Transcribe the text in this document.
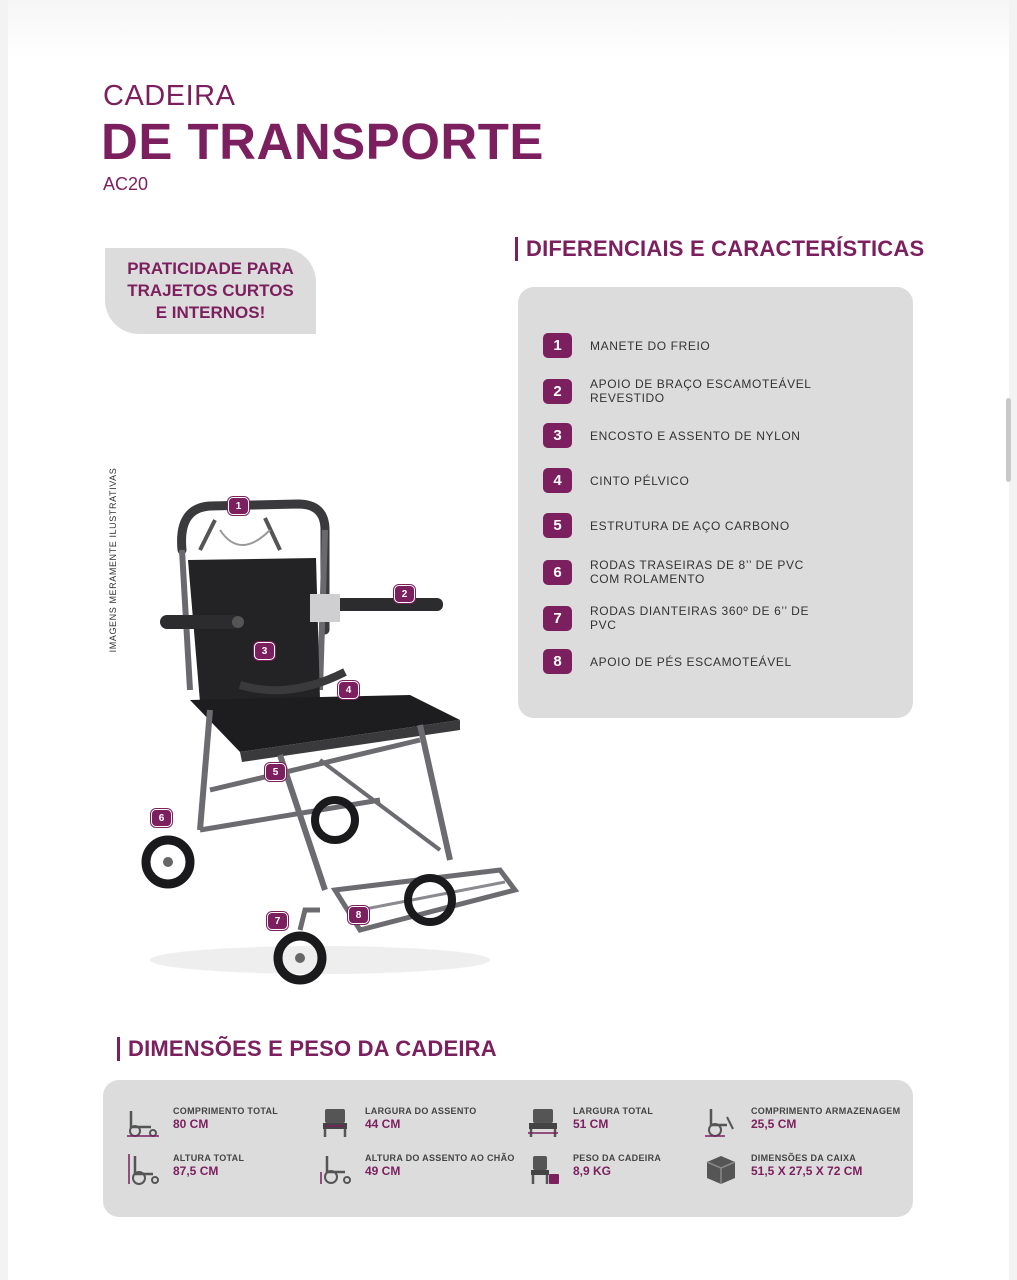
CADEIRA
DE TRANSPORTE
AC20
PRATICIDADE PARA
TRAJETOS CURTOS
E INTERNOS!
IMAGENS MERAMENTE ILUSTRATIVAS
DIFERENCIAIS E CARACTERÍSTICAS
1	MANETE DO FREIO
2	APOIO DE BRAÇO ESCAMOTEÁVEL REVESTIDO
3	ENCOSTO E ASSENTO DE NYLON
4	CINTO PÉLVICO
5	ESTRUTURA DE AÇO CARBONO
6	RODAS TRASEIRAS DE 8’’ DE PVC COM ROLAMENTO
7	RODAS DIANTEIRAS 360º DE 6’’ DE PVC
8	APOIO DE PÉS ESCAMOTEÁVEL
1
2
3
4
5
6
7
8
DIMENSÕES E PESO DA CADEIRA
COMPRIMENTO TOTAL
80 CM
LARGURA DO ASSENTO
44 CM
LARGURA TOTAL
51 CM
COMPRIMENTO ARMAZENAGEM
25,5 CM
ALTURA TOTAL
87,5 CM
ALTURA DO ASSENTO AO CHÃO
49 CM
PESO DA CADEIRA
8,9 KG
DIMENSÕES DA CAIXA
51,5 X 27,5 X 72 CM
